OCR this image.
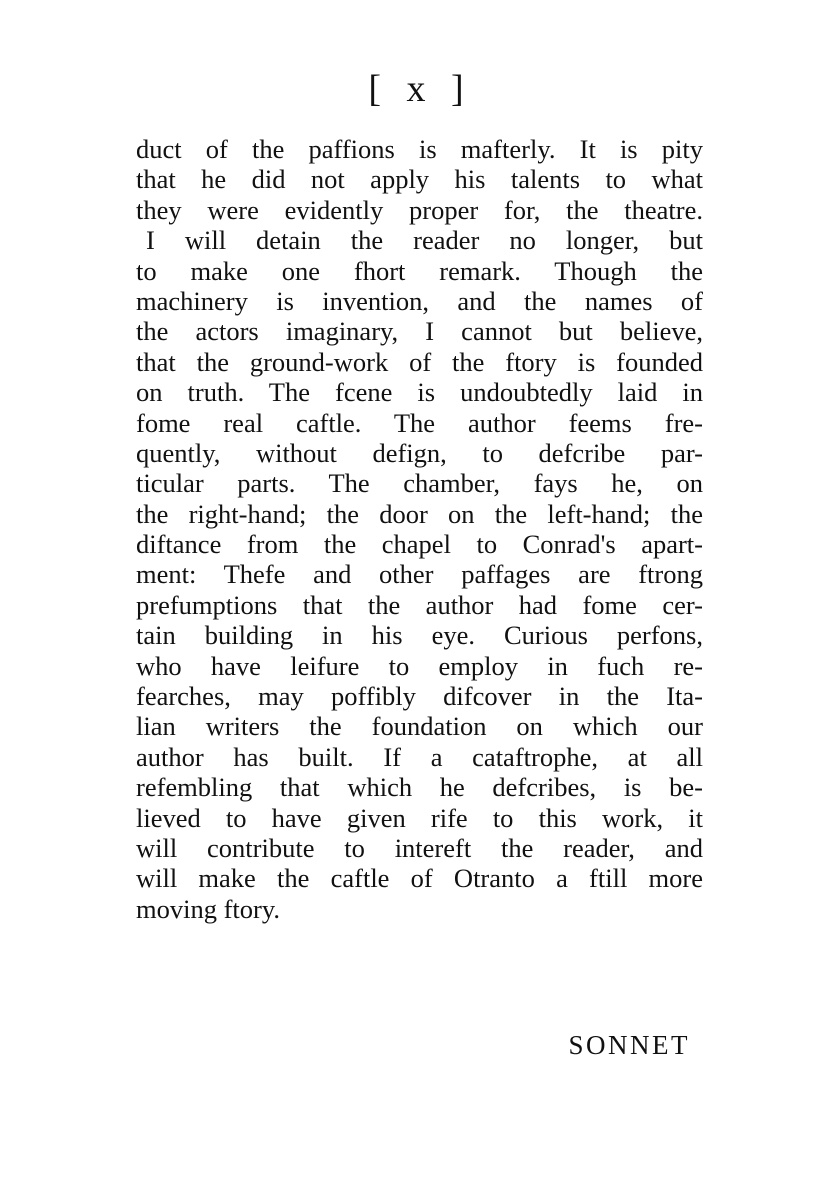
[ x ]
duct of the paffions is mafterly. It is pity
that he did not apply his talents to what
they were evidently proper for, the theatre.
I will detain the reader no longer, but
to make one fhort remark. Though the
machinery is invention, and the names of
the actors imaginary, I cannot but believe,
that the ground-work of the ftory is founded
on truth. The fcene is undoubtedly laid in
fome real caftle. The author feems fre-
quently, without defign, to defcribe par-
ticular parts. The chamber, fays he, on
the right-hand; the door on the left-hand; the
diftance from the chapel to Conrad's apart-
ment: Thefe and other paffages are ftrong
prefumptions that the author had fome cer-
tain building in his eye. Curious perfons,
who have leifure to employ in fuch re-
fearches, may poffibly difcover in the Ita-
lian writers the foundation on which our
author has built. If a cataftrophe, at all
refembling that which he defcribes, is be-
lieved to have given rife to this work, it
will contribute to intereft the reader, and
will make the caftle of Otranto a ftill more
moving ftory.
SONNET
